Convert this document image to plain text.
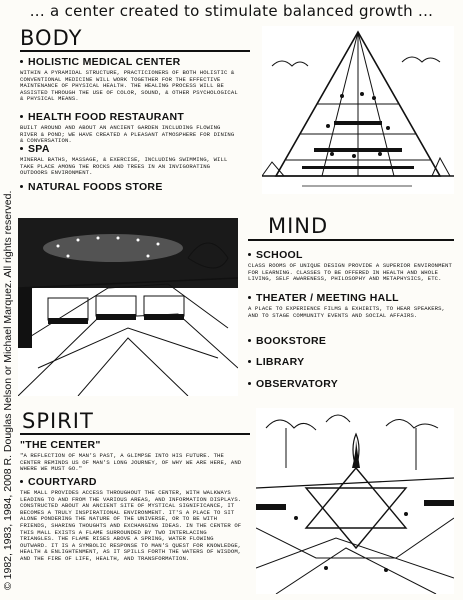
... a center created to stimulate balanced growth ...
© 1982, 1983, 1984, 2008 R. Douglas Nelson or Michael Marquez. All rights reserved.
BODY
HOLISTIC MEDICAL CENTER
WITHIN A PYRAMIDAL STRUCTURE, PRACTICIONERS OF BOTH HOLISTIC & CONVENTIONAL MEDICINE WILL WORK TOGETHER FOR THE EFFECTIVE MAINTENANCE OF PHYSICAL HEALTH. THE HEALING PROCESS WILL BE ASSISTED THROUGH THE USE OF COLOR, SOUND, & OTHER PSYCHOLOGICAL & PHYSICAL MEANS.
HEALTH FOOD RESTAURANT
BUILT AROUND AND ABOUT AN ANCIENT GARDEN INCLUDING FLOWING RIVER & POND; WE HAVE CREATED A PLEASANT ATMOSPHERE FOR DINING & CONVERSATION.
SPA
MINERAL BATHS, MASSAGE, & EXERCISE, INCLUDING SWIMMING, WILL TAKE PLACE AMONG THE ROCKS AND TREES IN AN INVIGORATING OUTDOORS ENVIRONMENT.
NATURAL FOODS STORE
MIND
SCHOOL
CLASS ROOMS OF UNIQUE DESIGN PROVIDE A SUPERIOR ENVIRONMENT FOR LEARNING. CLASSES TO BE OFFERED IN HEALTH AND WHOLE LIVING, SELF AWARENESS, PHILOSOPHY AND METAPHYSICS, ETC.
THEATER / MEETING HALL
A PLACE TO EXPERIENCE FILMS & EXHIBITS, TO HEAR SPEAKERS, AND TO STAGE COMMUNITY EVENTS AND SOCIAL AFFAIRS.
BOOKSTORE
LIBRARY
OBSERVATORY
SPIRIT
"THE CENTER"
"A REFLECTION OF MAN'S PAST, A GLIMPSE INTO HIS FUTURE. THE CENTER REMINDS US OF MAN'S LONG JOURNEY, OF WHY WE ARE HERE, AND WHERE WE MUST GO."
COURTYARD
THE MALL PROVIDES ACCESS THROUGHOUT THE CENTER, WITH WALKWAYS LEADING TO AND FROM THE VARIOUS AREAS, AND INFORMATION DISPLAYS. CONSTRUCTED ABOUT AN ANCIENT SITE OF MYSTICAL SIGNIFICANCE, IT BECOMES A TRULY INSPIRATIONAL ENVIRONMENT. IT'S A PLACE TO SIT ALONE PONDERING THE NATURE OF THE UNIVERSE, OR TO BE WITH FRIENDS, SHARING THOUGHTS AND EXCHANGING IDEAS. IN THE CENTER OF THIS MALL EXISTS A FLAME SURROUNDED BY TWO INTERLACING TRIANGLES. THE FLAME RISES ABOVE A SPRING, WATER FLOWING OUTWARD. IT IS A SYMBOLIC RESPONSE TO MAN'S QUEST FOR KNOWLEDGE, HEALTH & ENLIGHTENMENT, AS IT SPILLS FORTH THE WATERS OF WISDOM, AND THE FIRE OF LIFE, HEALTH, AND TRANSFORMATION.
